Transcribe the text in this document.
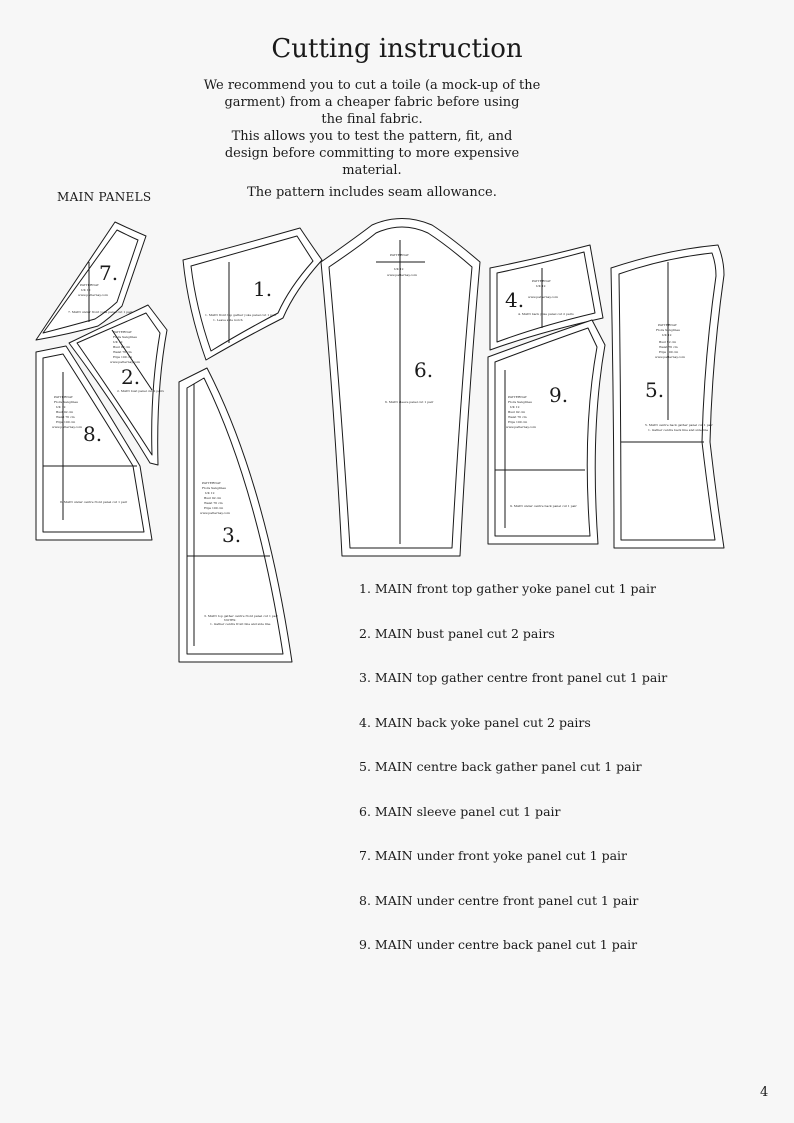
Cutting instruction

We recommend you to cut a toile (a mock-up of the

garment) from a cheaper fabric before using

the final fabric.

This allows you to test the pattern, fit, and

design before committing to more expensive

material.

The pattern includes seam allowance.

MAIN PANELS
7.
PATTERNAY
UK 12
www.patternay.com
7. MAIN under front yoke panel cut 1 pair
2.
PATTERNAY
Flora Sanglines
UK 12
Bust 92 cm
Waist 76 cm
Hips 100 cm
www.patternay.com
2. MAIN bust panel cut 2 pairs
8.
PATTERNAY
Flora Sanglines
UK 12
Bust 92 cm
Waist 76 cm
Hips 100 cm
www.patternay.com
8. MAIN under centre front panel cut 1 pair
1.
1. MAIN front top gather yoke panel cut 1 pair
1. Leave side notch
3.
PATTERNAY
Flora Sanglines
UK 12
Bust 92 cm
Waist 76 cm
Hips 100 cm
www.patternay.com
3. MAIN top gather centre front panel cut 1 pair
NOTES:
1. Gather centre front line and side line
6.
PATTERNAY
UK 12
www.patternay.com
6. MAIN sleeve panel cut 1 pair
4.
PATTERNAY
UK 12
www.patternay.com
4. MAIN back yoke panel cut 2 pairs
9.
PATTERNAY
Flora Sanglines
UK 12
Bust 92 cm
Waist 76 cm
Hips 100 cm
www.patternay.com
9. MAIN under centre back panel cut 1 pair
5.
PATTERNAY
Flora Sanglines
UK 12
Bust 92 cm
Waist 76 cm
Hips 100 cm
www.patternay.com
5. MAIN centre back gather panel cut 1 pair
1. Gather centre back line and side line
1. MAIN front top gather yoke panel cut 1 pair
2. MAIN bust panel cut 2 pairs
3. MAIN top gather centre front panel cut 1 pair
4. MAIN back yoke panel cut 2 pairs
5. MAIN centre back gather panel cut 1 pair
6. MAIN sleeve panel cut 1 pair
7. MAIN under front yoke panel cut 1 pair
8. MAIN under centre front panel cut 1 pair
9. MAIN under centre back panel cut 1 pair
4
